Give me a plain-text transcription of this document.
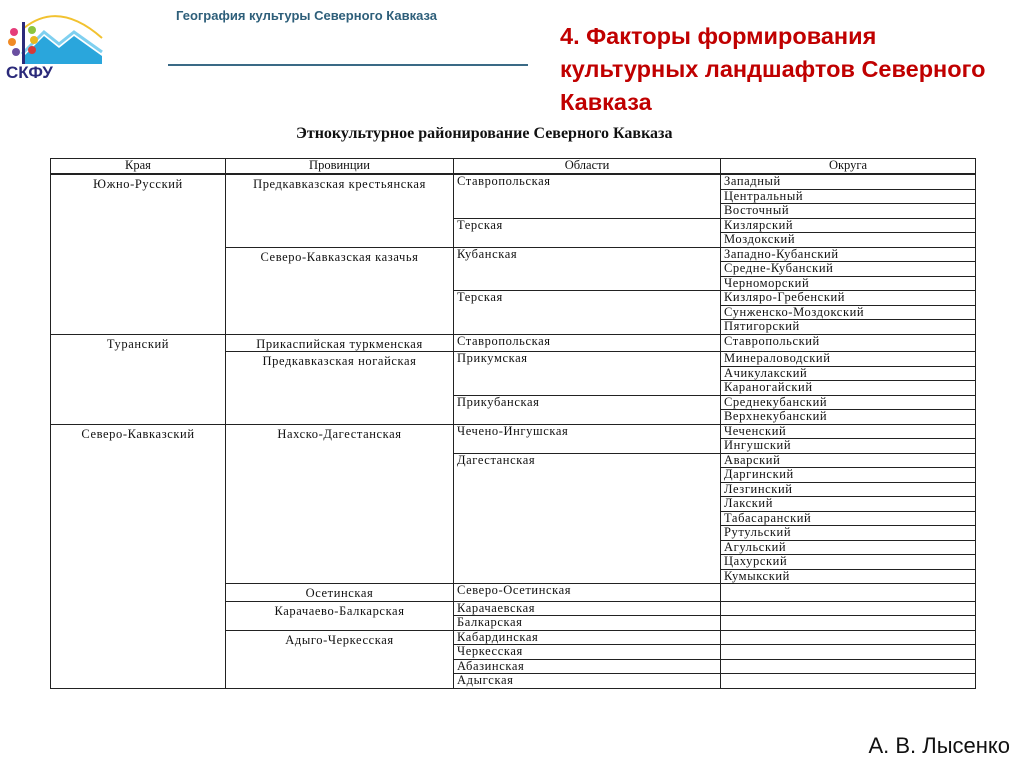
СКФУ
География культуры Северного Кавказа
4. Факторы формирования культурных ландшафтов Северного Кавказа
Этнокультурное районирование Северного Кавказа
Края	Провинции	Области	Округа
Южно-Русский	Предкавказская крестьянская	Ставропольская	Западный
			Центральный
			Восточный
		Терская	Кизлярский
			Моздокский
	Северо-Кавказская казачья	Кубанская	Западно-Кубанский
			Средне-Кубанский
			Черноморский
		Терская	Кизляро-Гребенский
			Сунженско-Моздокский
			Пятигорский
Туранский	Прикаспийская туркменская	Ставропольская	Ставропольский
	Предкавказская ногайская	Прикумская	Минераловодский
			Ачикулакский
			Караногайский
		Прикубанская	Среднекубанский
			Верхнекубанский
Северо-Кавказский	Нахско-Дагестанская	Чечено-Ингушская	Чеченский
			Ингушский
		Дагестанская	Аварский
			Даргинский
			Лезгинский
			Лакский
			Табасаранский
			Рутульский
			Агульский
			Цахурский
			Кумыкский
	Осетинская	Северо-Осетинская	
	Карачаево-Балкарская	Карачаевская	
		Балкарская	
	Адыго-Черкесская	Кабардинская	
		Черкесская	
		Абазинская	
		Адыгская	
А. В. Лысенко
